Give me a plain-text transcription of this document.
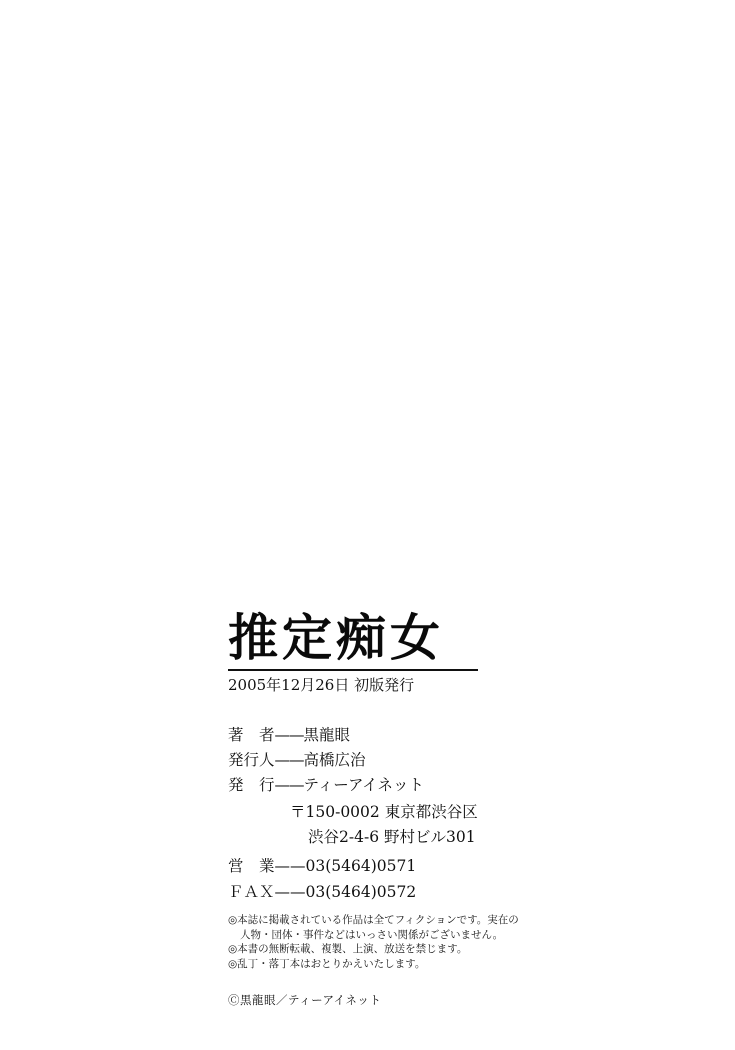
推定痴女
2005年12月26日 初版発行
著　者——黒龍眼
発行人——高橋広治
発　行——ティーアイネット
〒150-0002 東京都渋谷区
渋谷2-4-6 野村ビル301
営　業——03(5464)0571
ＦＡＸ——03(5464)0572
◎本誌に掲載されている作品は全てフィクションです。実在の
人物・団体・事件などはいっさい関係がございません。
◎本書の無断転載、複製、上演、放送を禁じます。
◎乱丁・落丁本はおとりかえいたします。
Ⓒ黒龍眼／ティーアイネット
